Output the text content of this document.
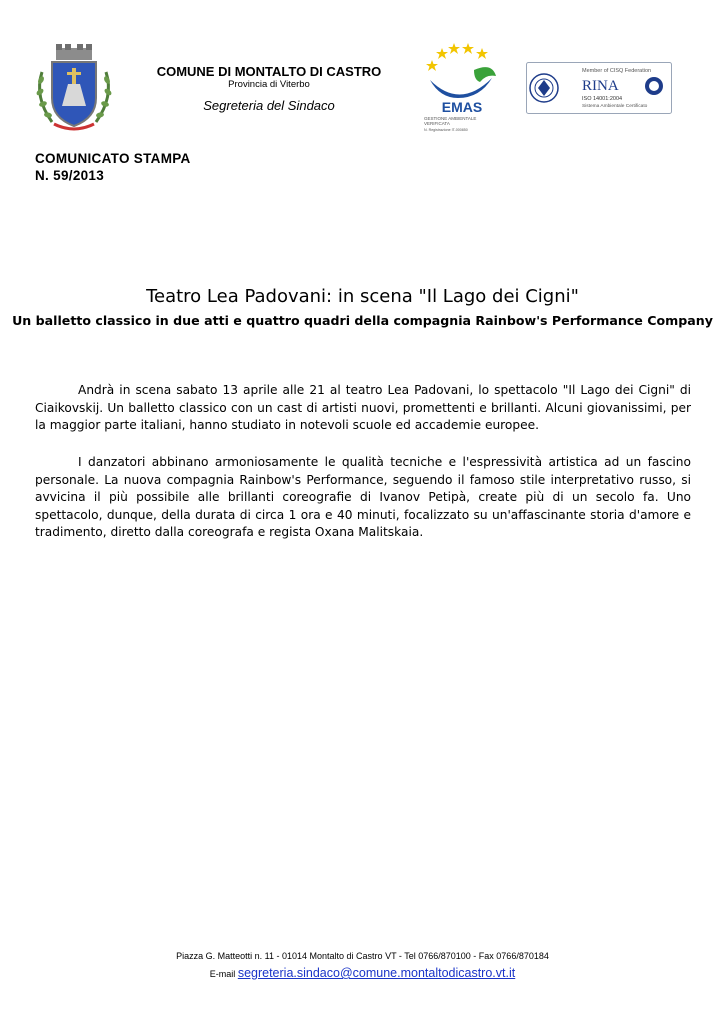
COMUNE DI MONTALTO DI CASTRO
Provincia di Viterbo
Segreteria del Sindaco	EMAS
GESTIONE AMBIENTALE
VERIFICATA
N. Registrazione IT-000850
Member of CISQ Federation
RINA
ISO 14001:2004
Sistema Ambientale Certificato
COMUNICATO STAMPA
N. 59/2013
Teatro Lea Padovani: in scena "Il Lago dei Cigni"
Un balletto classico in due atti e quattro quadri della compagnia Rainbow's Performance Company
Andrà in scena sabato 13 aprile alle 21 al teatro Lea Padovani, lo spettacolo "Il Lago dei Cigni" di Ciaikovskij. Un balletto classico con un cast di artisti nuovi, promettenti e brillanti. Alcuni giovanissimi, per la maggior parte italiani, hanno studiato in notevoli scuole ed accademie europee.
I danzatori abbinano armoniosamente le qualità tecniche e l'espressività artistica ad un fascino personale. La nuova compagnia Rainbow's Performance, seguendo il famoso stile interpretativo russo, si avvicina il più possibile alle brillanti coreografie di Ivanov Petipà, create più di un secolo fa. Uno spettacolo, dunque, della durata di circa 1 ora e 40 minuti, focalizzato su un'affascinante storia d'amore e tradimento, diretto dalla coreografa e regista Oxana Malitskaia.
Piazza G. Matteotti n. 11 - 01014 Montalto di Castro VT - Tel 0766/870100 - Fax 0766/870184
E-mail segreteria.sindaco@comune.montaltodicastro.vt.it
